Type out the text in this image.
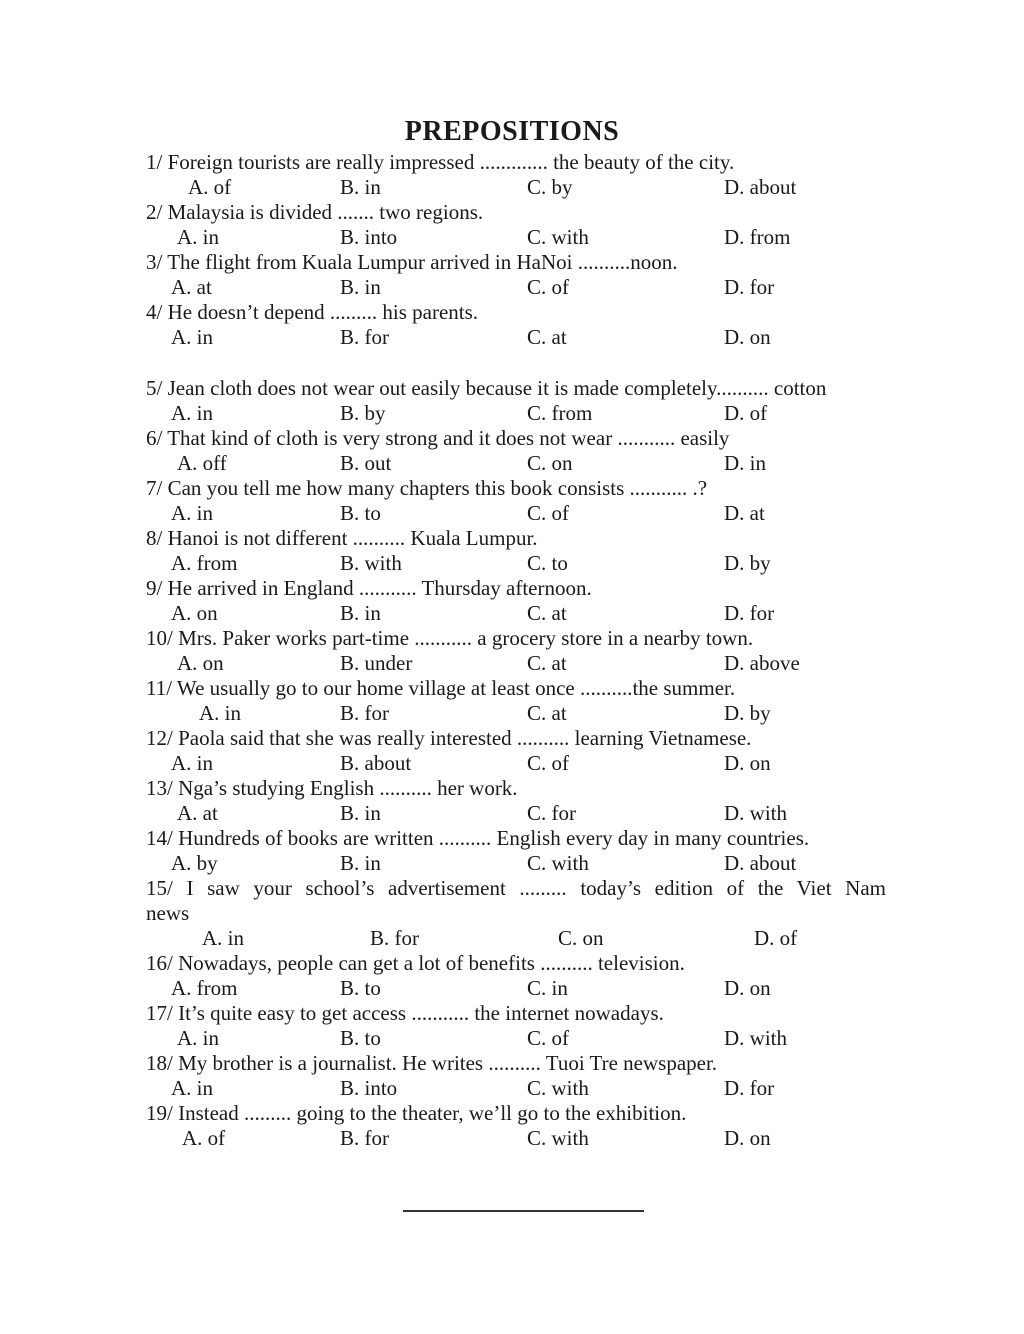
PREPOSITIONS
1/ Foreign tourists are really impressed ............. the beauty of the city.
A. of	B. in	C. by	D. about
2/ Malaysia is divided ....... two regions.
A. in	B. into	C. with	D. from
3/ The flight from Kuala Lumpur arrived in HaNoi ..........noon.
A. at	B. in	C. of	D. for
4/ He doesn’t depend ......... his parents.
A. in	B. for	C. at	D. on
5/ Jean cloth does not wear out easily because it is made completely.......... cotton
A. in	B. by	C. from	D. of
6/ That kind of cloth is very strong and it does not wear ........... easily
A. off	B. out	C. on	D. in
7/ Can you tell me how many chapters this book consists ........... .?
A. in	B. to	C. of	D. at
8/ Hanoi is not different .......... Kuala Lumpur.
A. from	B. with	C. to	D. by
9/ He arrived in England ........... Thursday afternoon.
A. on	B. in	C. at	D. for
10/ Mrs. Paker works part-time ........... a grocery store in a nearby town.
A. on	B. under	C. at	D. above
11/ We usually go to our home village at least once ..........the summer.
A. in	B. for	C. at	D. by
12/ Paola said that she was really interested .......... learning Vietnamese.
A. in	B. about	C. of	D. on
13/ Nga’s studying English .......... her work.
A. at	B. in	C. for	D. with
14/ Hundreds of books are written .......... English every day in many countries.
A. by	B. in	C. with	D. about
15/ I saw your school’s advertisement ......... today’s edition of the Viet Nam
news
A. in	B. for	C. on	D. of
16/ Nowadays, people can get a lot of benefits .......... television.
A. from	B. to	C. in	D. on
17/ It’s quite easy to get access ........... the internet nowadays.
A. in	B. to	C. of	D. with
18/ My brother is a journalist. He writes .......... Tuoi Tre newspaper.
A. in	B. into	C. with	D. for
19/ Instead ......... going to the theater, we’ll go to the exhibition.
A. of	B. for	C. with	D. on
